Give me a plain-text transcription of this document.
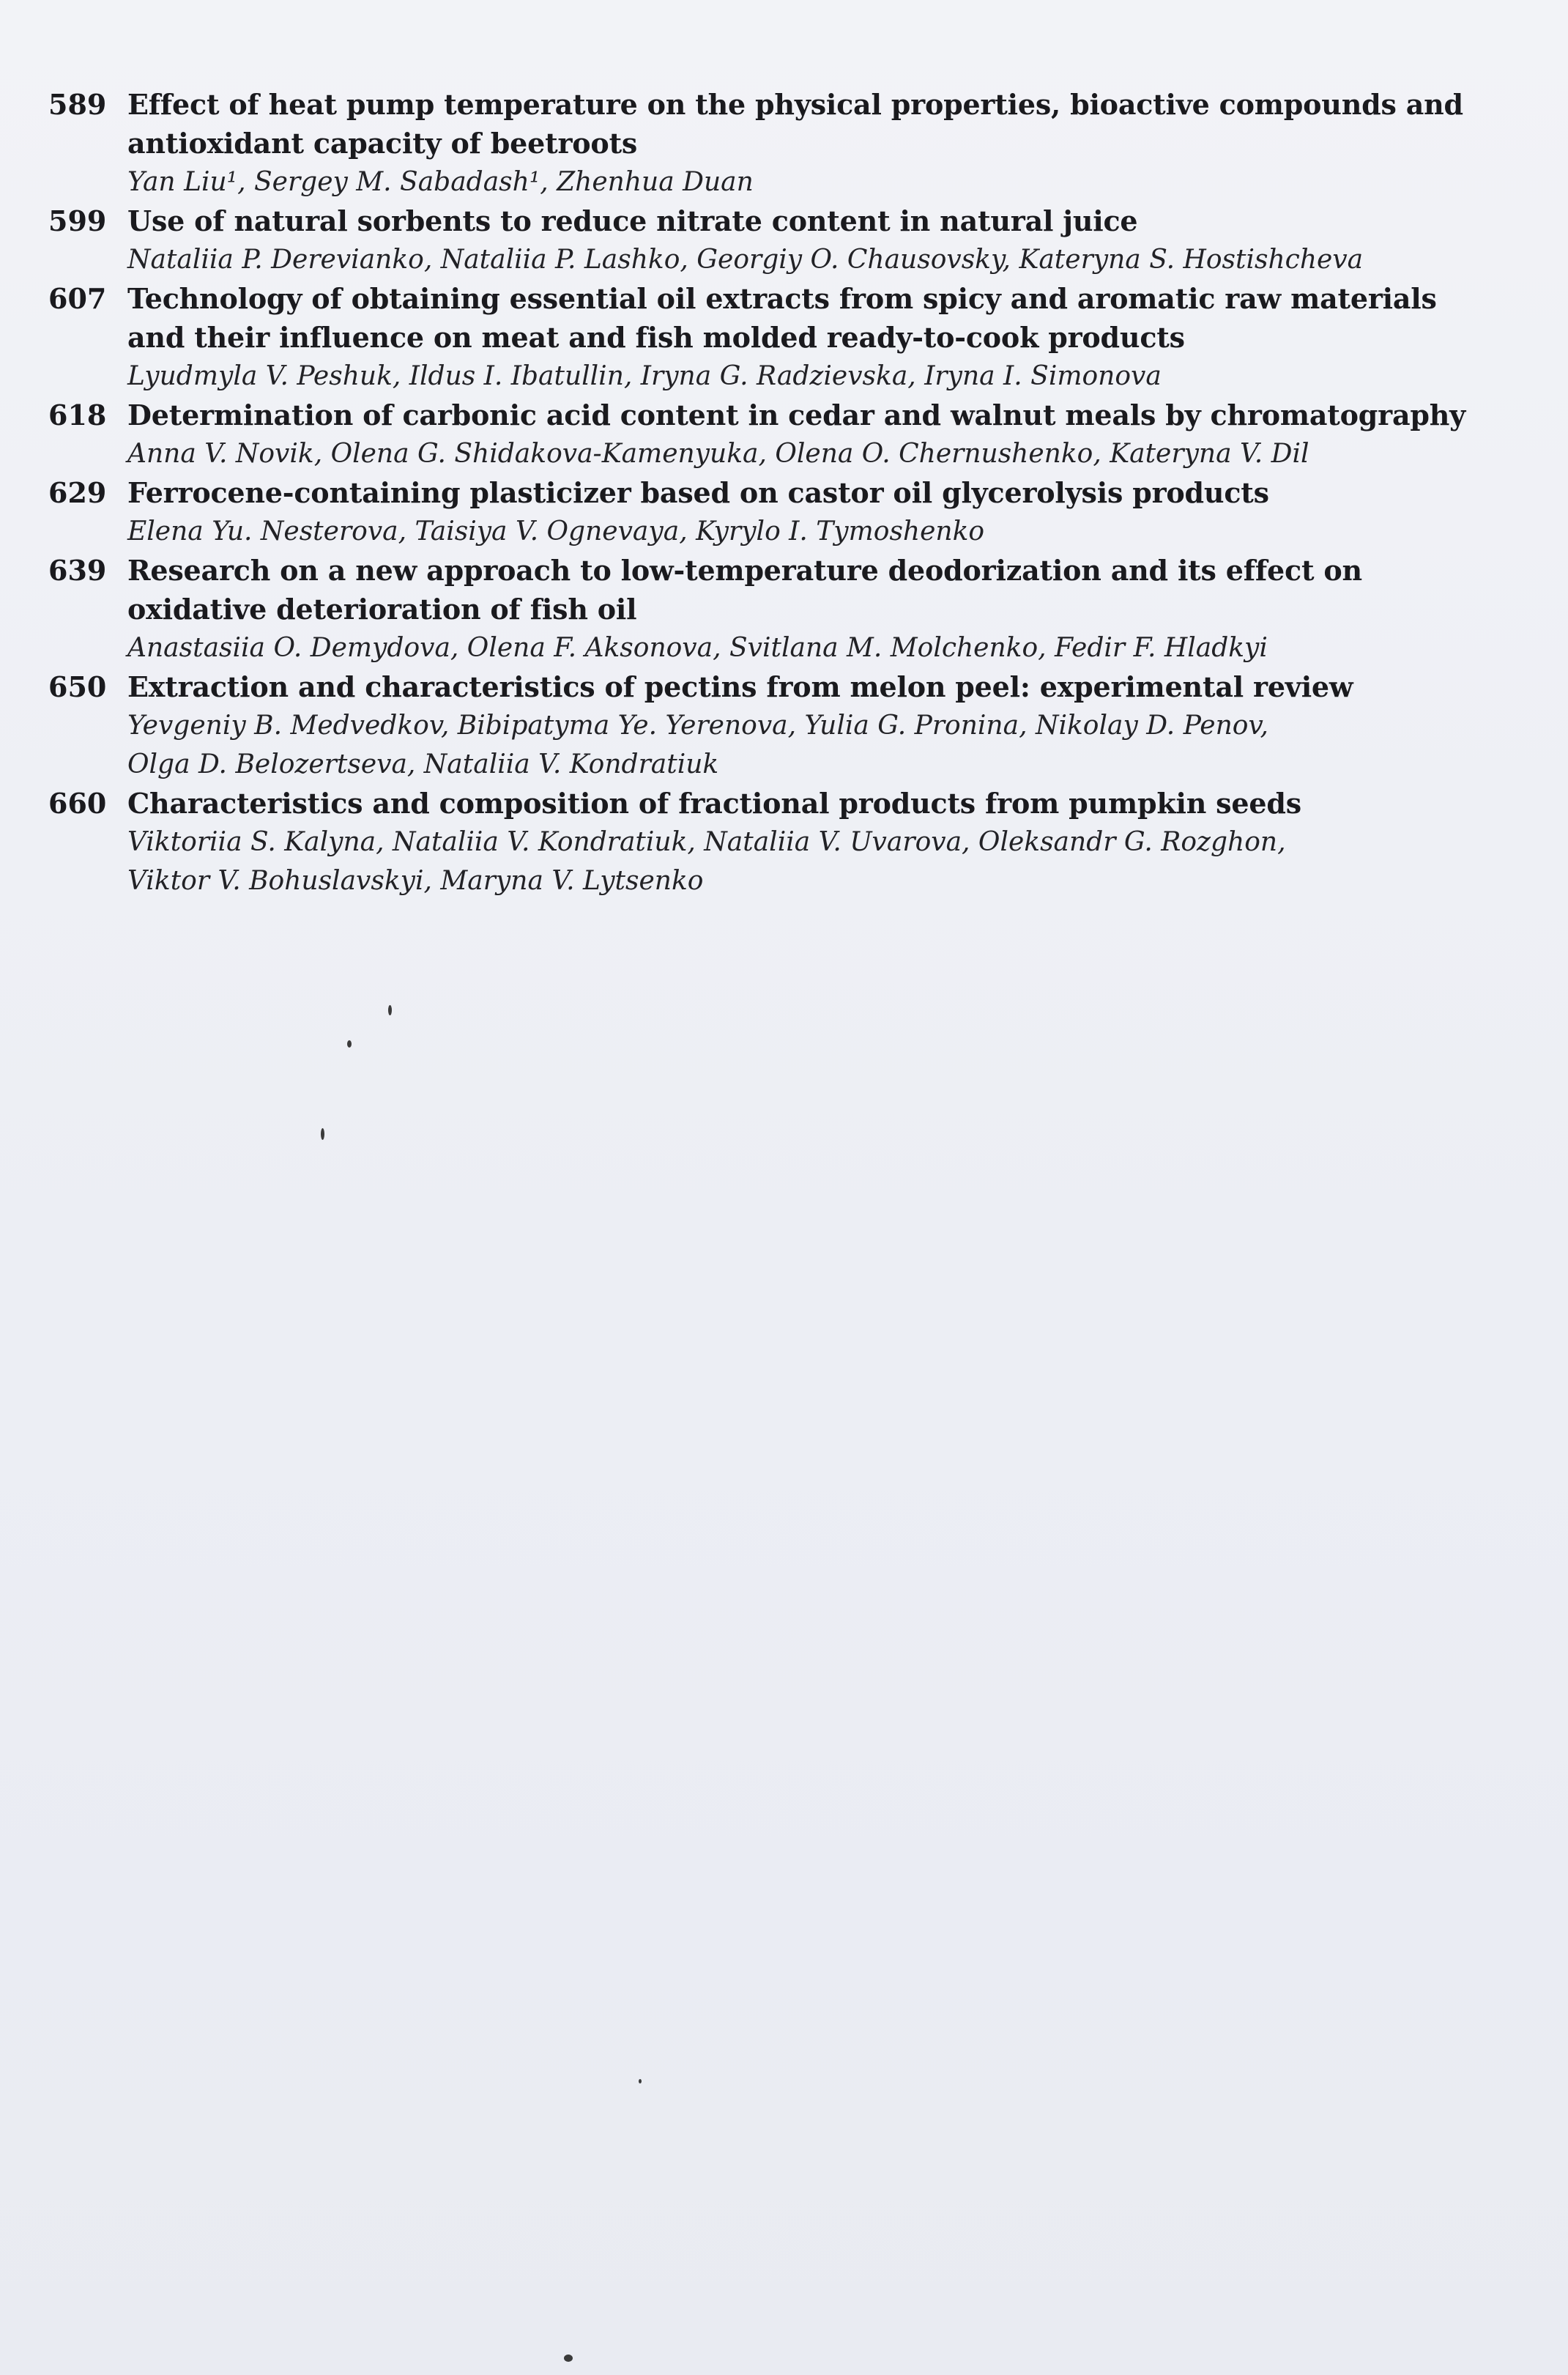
589 Effect of heat pump temperature on the physical properties, bioactive compounds and
antioxidant capacity of beetroots
Yan Liu¹, Sergey M. Sabadash¹, Zhenhua Duan
599 Use of natural sorbents to reduce nitrate content in natural juice
Nataliia P. Derevianko, Nataliia P. Lashko, Georgiy O. Chausovsky, Kateryna S. Hostishcheva
607 Technology of obtaining essential oil extracts from spicy and aromatic raw materials
and their influence on meat and fish molded ready-to-cook products
Lyudmyla V. Peshuk, Ildus I. Ibatullin, Iryna G. Radzievska, Iryna I. Simonova
618 Determination of carbonic acid content in cedar and walnut meals by chromatography
Anna V. Novik, Olena G. Shidakova-Kamenyuka, Olena O. Chernushenko, Kateryna V. Dil
629 Ferrocene-containing plasticizer based on castor oil glycerolysis products
Elena Yu. Nesterova, Taisiya V. Ognevaya, Kyrylo I. Tymoshenko
639 Research on a new approach to low-temperature deodorization and its effect on
oxidative deterioration of fish oil
Anastasiia O. Demydova, Olena F. Aksonova, Svitlana M. Molchenko, Fedir F. Hladkyi
650 Extraction and characteristics of pectins from melon peel: experimental review
Yevgeniy B. Medvedkov, Bibipatyma Ye. Yerenova, Yulia G. Pronina, Nikolay D. Penov,
Olga D. Belozertseva, Nataliia V. Kondratiuk
660 Characteristics and composition of fractional products from pumpkin seeds
Viktoriia S. Kalyna, Nataliia V. Kondratiuk, Nataliia V. Uvarova, Oleksandr G. Rozghon,
Viktor V. Bohuslavskyi, Maryna V. Lytsenko
